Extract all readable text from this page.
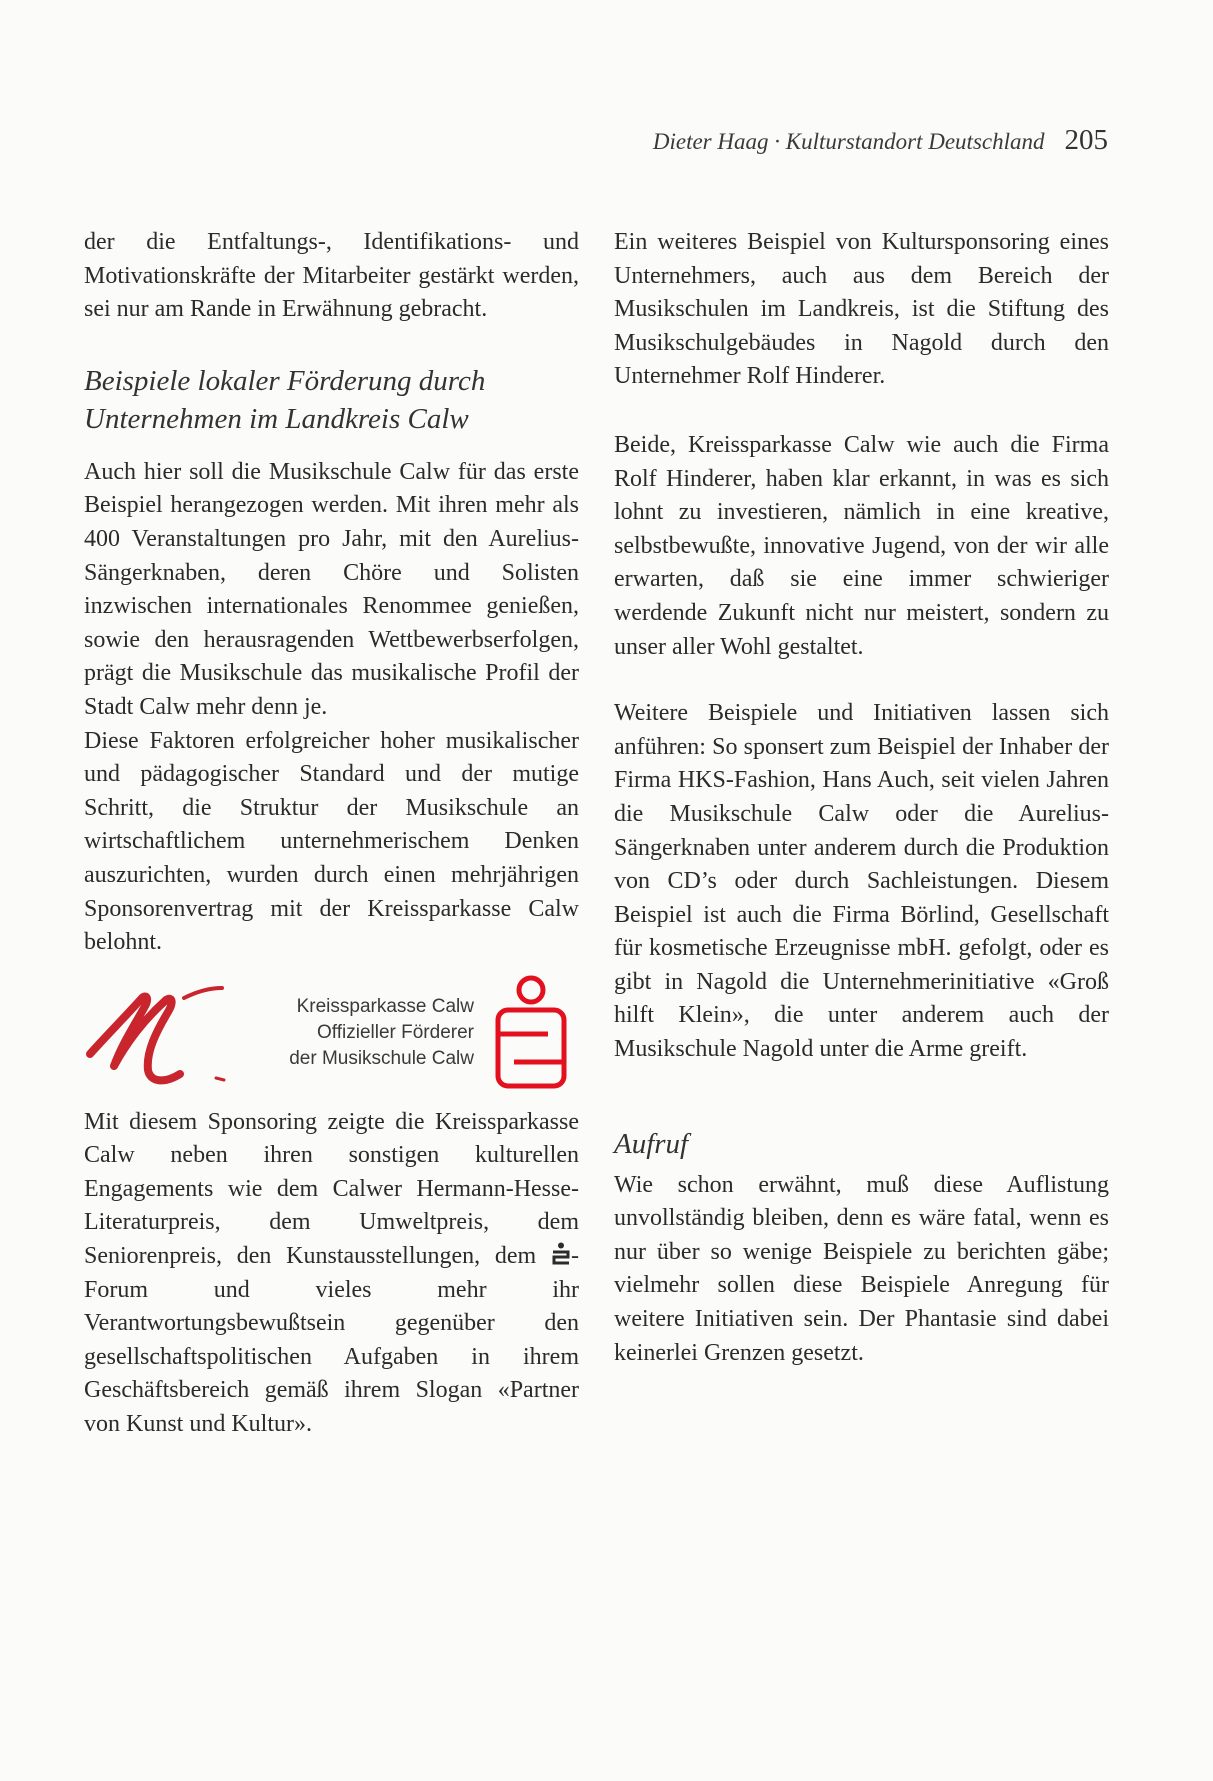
Dieter Haag · Kulturstandort Deutschland 205

der die Entfaltungs-, Identifikations- und Motivationskräfte der Mitarbeiter gestärkt werden, sei nur am Rande in Erwähnung gebracht.

Beispiele lokaler Förderung durch Unternehmen im Landkreis Calw

Auch hier soll die Musikschule Calw für das erste Beispiel herangezogen werden. Mit ihren mehr als 400 Veranstaltungen pro Jahr, mit den Aurelius-Sängerknaben, deren Chöre und Solisten inzwischen internationales Renommee genießen, sowie den herausragenden Wettbewerbserfolgen, prägt die Musikschule das musikalische Profil der Stadt Calw mehr denn je.

Diese Faktoren erfolgreicher hoher musikalischer und pädagogischer Standard und der mutige Schritt, die Struktur der Musikschule an wirtschaftlichem unternehmerischem Denken auszurichten, wurden durch einen mehrjährigen Sponsorenvertrag mit der Kreissparkasse Calw belohnt.

Kreissparkasse Calw
Offizieller Förderer
der Musikschule Calw

Mit diesem Sponsoring zeigte die Kreissparkasse Calw neben ihren sonstigen kulturellen Engagements wie dem Calwer Hermann-Hesse-Literaturpreis, dem Umweltpreis, dem Seniorenpreis, den Kunstausstellungen, dem -Forum und vieles mehr ihr Verantwortungsbewußtsein gegenüber den gesellschaftspolitischen Aufgaben in ihrem Geschäftsbereich gemäß ihrem Slogan «Partner von Kunst und Kultur».

Ein weiteres Beispiel von Kultursponsoring eines Unternehmers, auch aus dem Bereich der Musikschulen im Landkreis, ist die Stiftung des Musikschulgebäudes in Nagold durch den Unternehmer Rolf Hinderer.

Beide, Kreissparkasse Calw wie auch die Firma Rolf Hinderer, haben klar erkannt, in was es sich lohnt zu investieren, nämlich in eine kreative, selbstbewußte, innovative Jugend, von der wir alle erwarten, daß sie eine immer schwieriger werdende Zukunft nicht nur meistert, sondern zu unser aller Wohl gestaltet.

Weitere Beispiele und Initiativen lassen sich anführen: So sponsert zum Beispiel der Inhaber der Firma HKS-Fashion, Hans Auch, seit vielen Jahren die Musikschule Calw oder die Aurelius-Sängerknaben unter anderem durch die Produktion von CD’s oder durch Sachleistungen. Diesem Beispiel ist auch die Firma Börlind, Gesellschaft für kosmetische Erzeugnisse mbH. gefolgt, oder es gibt in Nagold die Unternehmerinitiative «Groß hilft Klein», die unter anderem auch der Musikschule Nagold unter die Arme greift.

Aufruf

Wie schon erwähnt, muß diese Auflistung unvollständig bleiben, denn es wäre fatal, wenn es nur über so wenige Beispiele zu berichten gäbe; vielmehr sollen diese Beispiele Anregung für weitere Initiativen sein. Der Phantasie sind dabei keinerlei Grenzen gesetzt.
